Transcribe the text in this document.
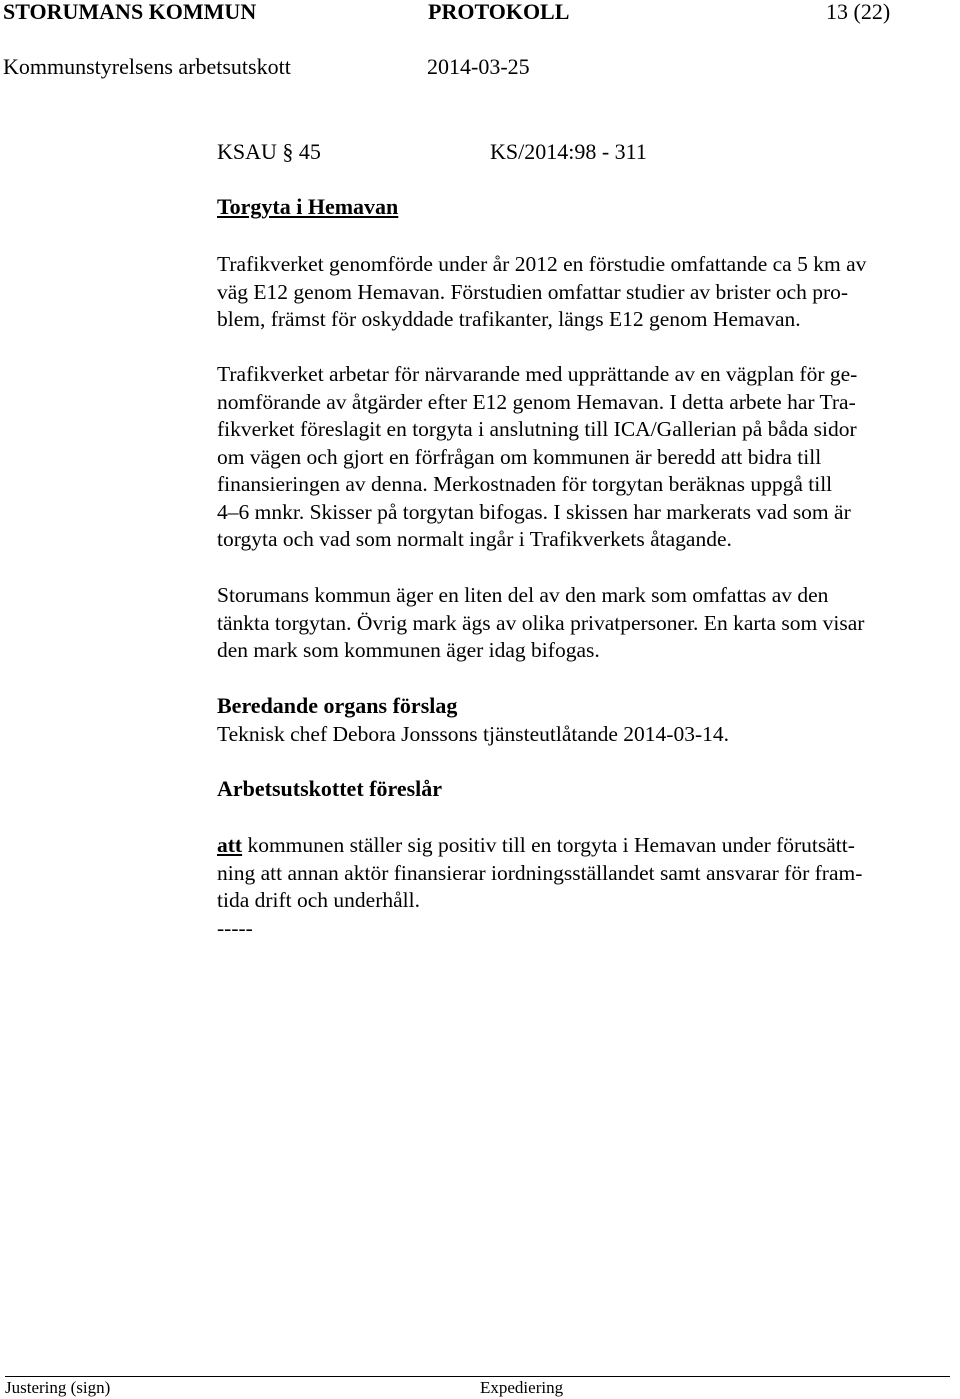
STORUMANS KOMMUN	PROTOKOLL	13 (22)
Kommunstyrelsens arbetsutskott	2014-03-25
KSAU § 45	KS/2014:98 - 311
Torgyta i Hemavan
Trafikverket genomförde under år 2012 en förstudie omfattande ca 5 km av
väg E12 genom Hemavan. Förstudien omfattar studier av brister och pro-
blem, främst för oskyddade trafikanter, längs E12 genom Hemavan.
Trafikverket arbetar för närvarande med upprättande av en vägplan för ge-
nomförande av åtgärder efter E12 genom Hemavan. I detta arbete har Tra-
fikverket föreslagit en torgyta i anslutning till ICA/Gallerian på båda sidor
om vägen och gjort en förfrågan om kommunen är beredd att bidra till
finansieringen av denna. Merkostnaden för torgytan beräknas uppgå till
4–6 mnkr. Skisser på torgytan bifogas. I skissen har markerats vad som är
torgyta och vad som normalt ingår i Trafikverkets åtagande.
Storumans kommun äger en liten del av den mark som omfattas av den
tänkta torgytan. Övrig mark ägs av olika privatpersoner. En karta som visar
den mark som kommunen äger idag bifogas.
Beredande organs förslag
Teknisk chef Debora Jonssons tjänsteutlåtande 2014-03-14.
Arbetsutskottet föreslår
att kommunen ställer sig positiv till en torgyta i Hemavan under förutsätt-
ning att annan aktör finansierar iordningsställandet samt ansvarar för fram-
tida drift och underhåll.
-----
Justering (sign)	Expediering
